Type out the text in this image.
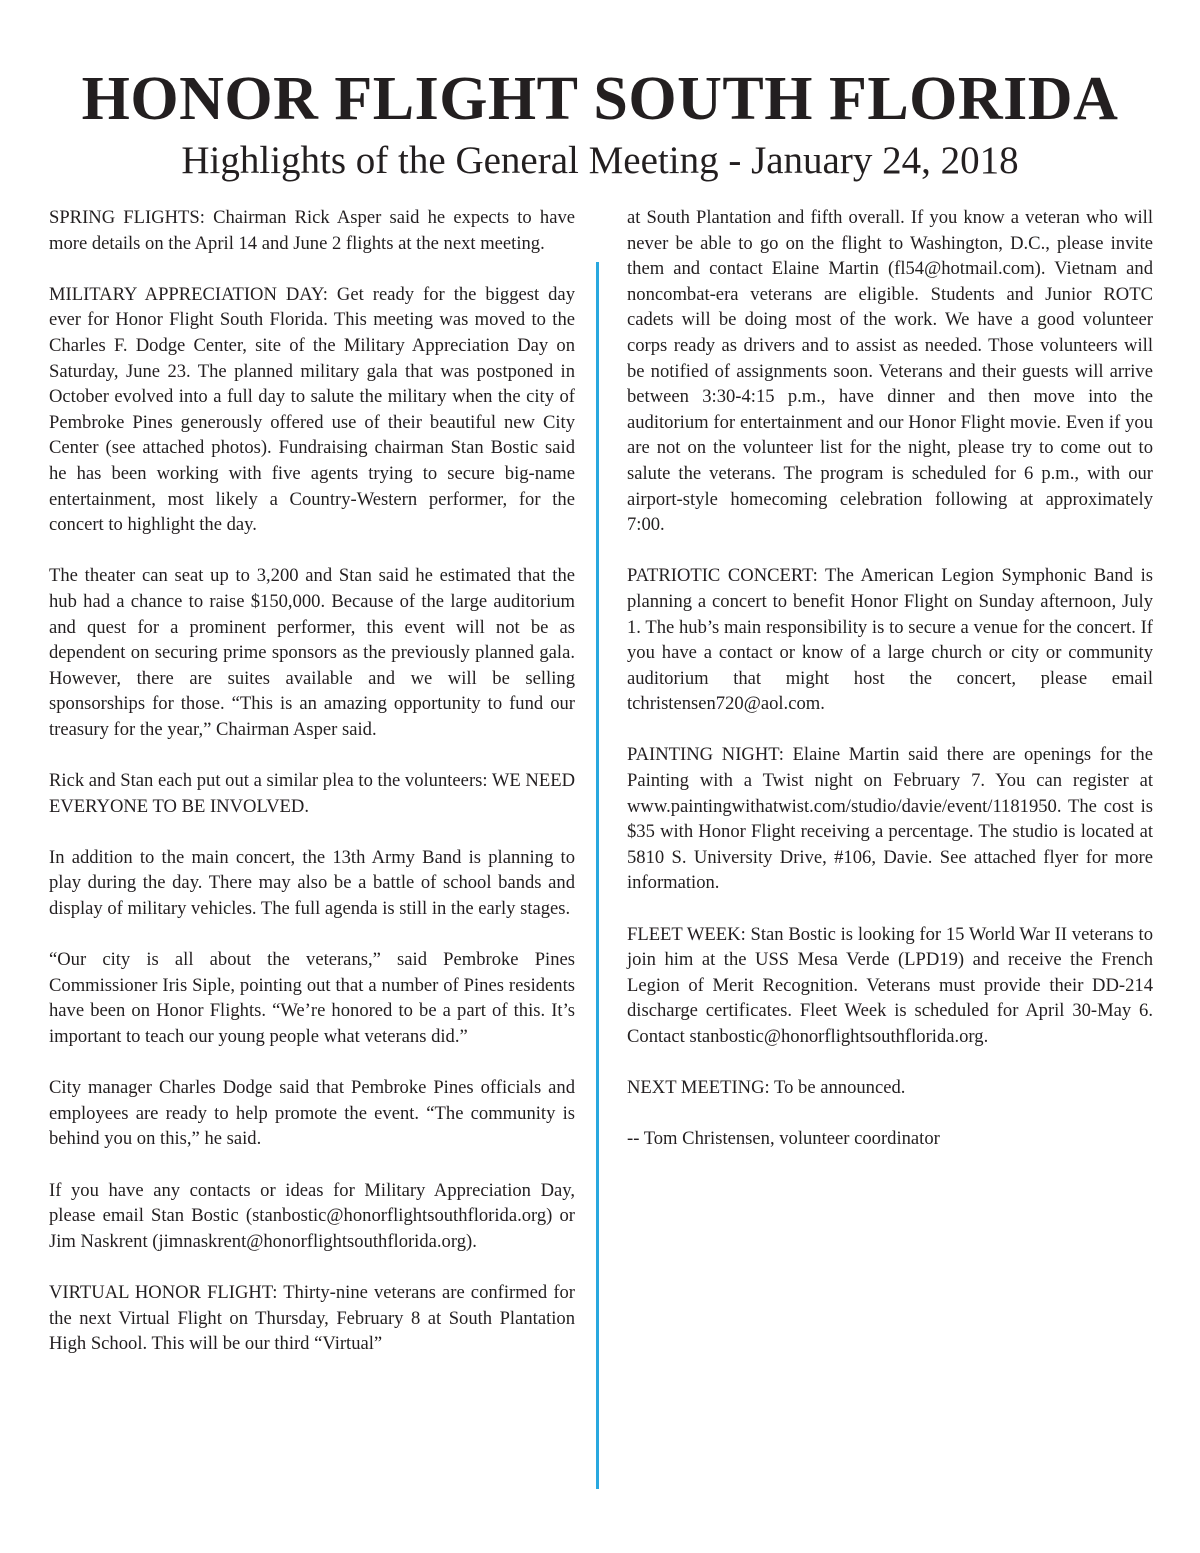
HONOR FLIGHT SOUTH FLORIDA
Highlights of the General Meeting - January 24, 2018

SPRING FLIGHTS: Chairman Rick Asper said he expects to have more details on the April 14 and June 2 flights at the next meeting.

MILITARY APPRECIATION DAY: Get ready for the biggest day ever for Honor Flight South Florida. This meeting was moved to the Charles F. Dodge Center, site of the Military Appreciation Day on Saturday, June 23. The planned military gala that was postponed in October evolved into a full day to salute the military when the city of Pembroke Pines generously offered use of their beautiful new City Center (see attached photos). Fundraising chairman Stan Bostic said he has been working with five agents trying to secure big-name entertainment, most likely a Country-Western performer, for the concert to highlight the day.

The theater can seat up to 3,200 and Stan said he estimated that the hub had a chance to raise $150,000. Because of the large auditorium and quest for a prominent performer, this event will not be as dependent on securing prime sponsors as the previously planned gala. However, there are suites available and we will be selling sponsorships for those. “This is an amazing opportunity to fund our treasury for the year,” Chairman Asper said.

Rick and Stan each put out a similar plea to the volunteers: WE NEED EVERYONE TO BE INVOLVED.

In addition to the main concert, the 13th Army Band is planning to play during the day. There may also be a battle of school bands and display of military vehicles. The full agenda is still in the early stages.

“Our city is all about the veterans,” said Pembroke Pines Commissioner Iris Siple, pointing out that a number of Pines residents have been on Honor Flights. “We’re honored to be a part of this. It’s important to teach our young people what veterans did.”

City manager Charles Dodge said that Pembroke Pines officials and employees are ready to help promote the event. “The community is behind you on this,” he said.

If you have any contacts or ideas for Military Appreciation Day, please email Stan Bostic (stanbostic@honorflightsouthflorida.org) or Jim Naskrent (jimnaskrent@honorflightsouthflorida.org).

VIRTUAL HONOR FLIGHT: Thirty-nine veterans are confirmed for the next Virtual Flight on Thursday, February 8 at South Plantation High School. This will be our third “Virtual”

at South Plantation and fifth overall. If you know a veteran who will never be able to go on the flight to Washington, D.C., please invite them and contact Elaine Martin (fl54@hotmail.com). Vietnam and noncombat-era veterans are eligible. Students and Junior ROTC cadets will be doing most of the work. We have a good volunteer corps ready as drivers and to assist as needed. Those volunteers will be notified of assignments soon. Veterans and their guests will arrive between 3:30-4:15 p.m., have dinner and then move into the auditorium for entertainment and our Honor Flight movie. Even if you are not on the volunteer list for the night, please try to come out to salute the veterans. The program is scheduled for 6 p.m., with our airport-style homecoming celebration following at approximately 7:00.

PATRIOTIC CONCERT: The American Legion Symphonic Band is planning a concert to benefit Honor Flight on Sunday afternoon, July 1. The hub’s main responsibility is to secure a venue for the concert. If you have a contact or know of a large church or city or community auditorium that might host the concert, please email tchristensen720@aol.com.

PAINTING NIGHT: Elaine Martin said there are openings for the Painting with a Twist night on February 7. You can register at www.paintingwithatwist.com/studio/davie/event/1181950. The cost is $35 with Honor Flight receiving a percentage. The studio is located at 5810 S. University Drive, #106, Davie. See attached flyer for more information.

FLEET WEEK: Stan Bostic is looking for 15 World War II veterans to join him at the USS Mesa Verde (LPD19) and receive the French Legion of Merit Recognition. Veterans must provide their DD-214 discharge certificates. Fleet Week is scheduled for April 30-May 6. Contact stanbostic@honorflightsouthflorida.org.

NEXT MEETING: To be announced.

-- Tom Christensen, volunteer coordinator
